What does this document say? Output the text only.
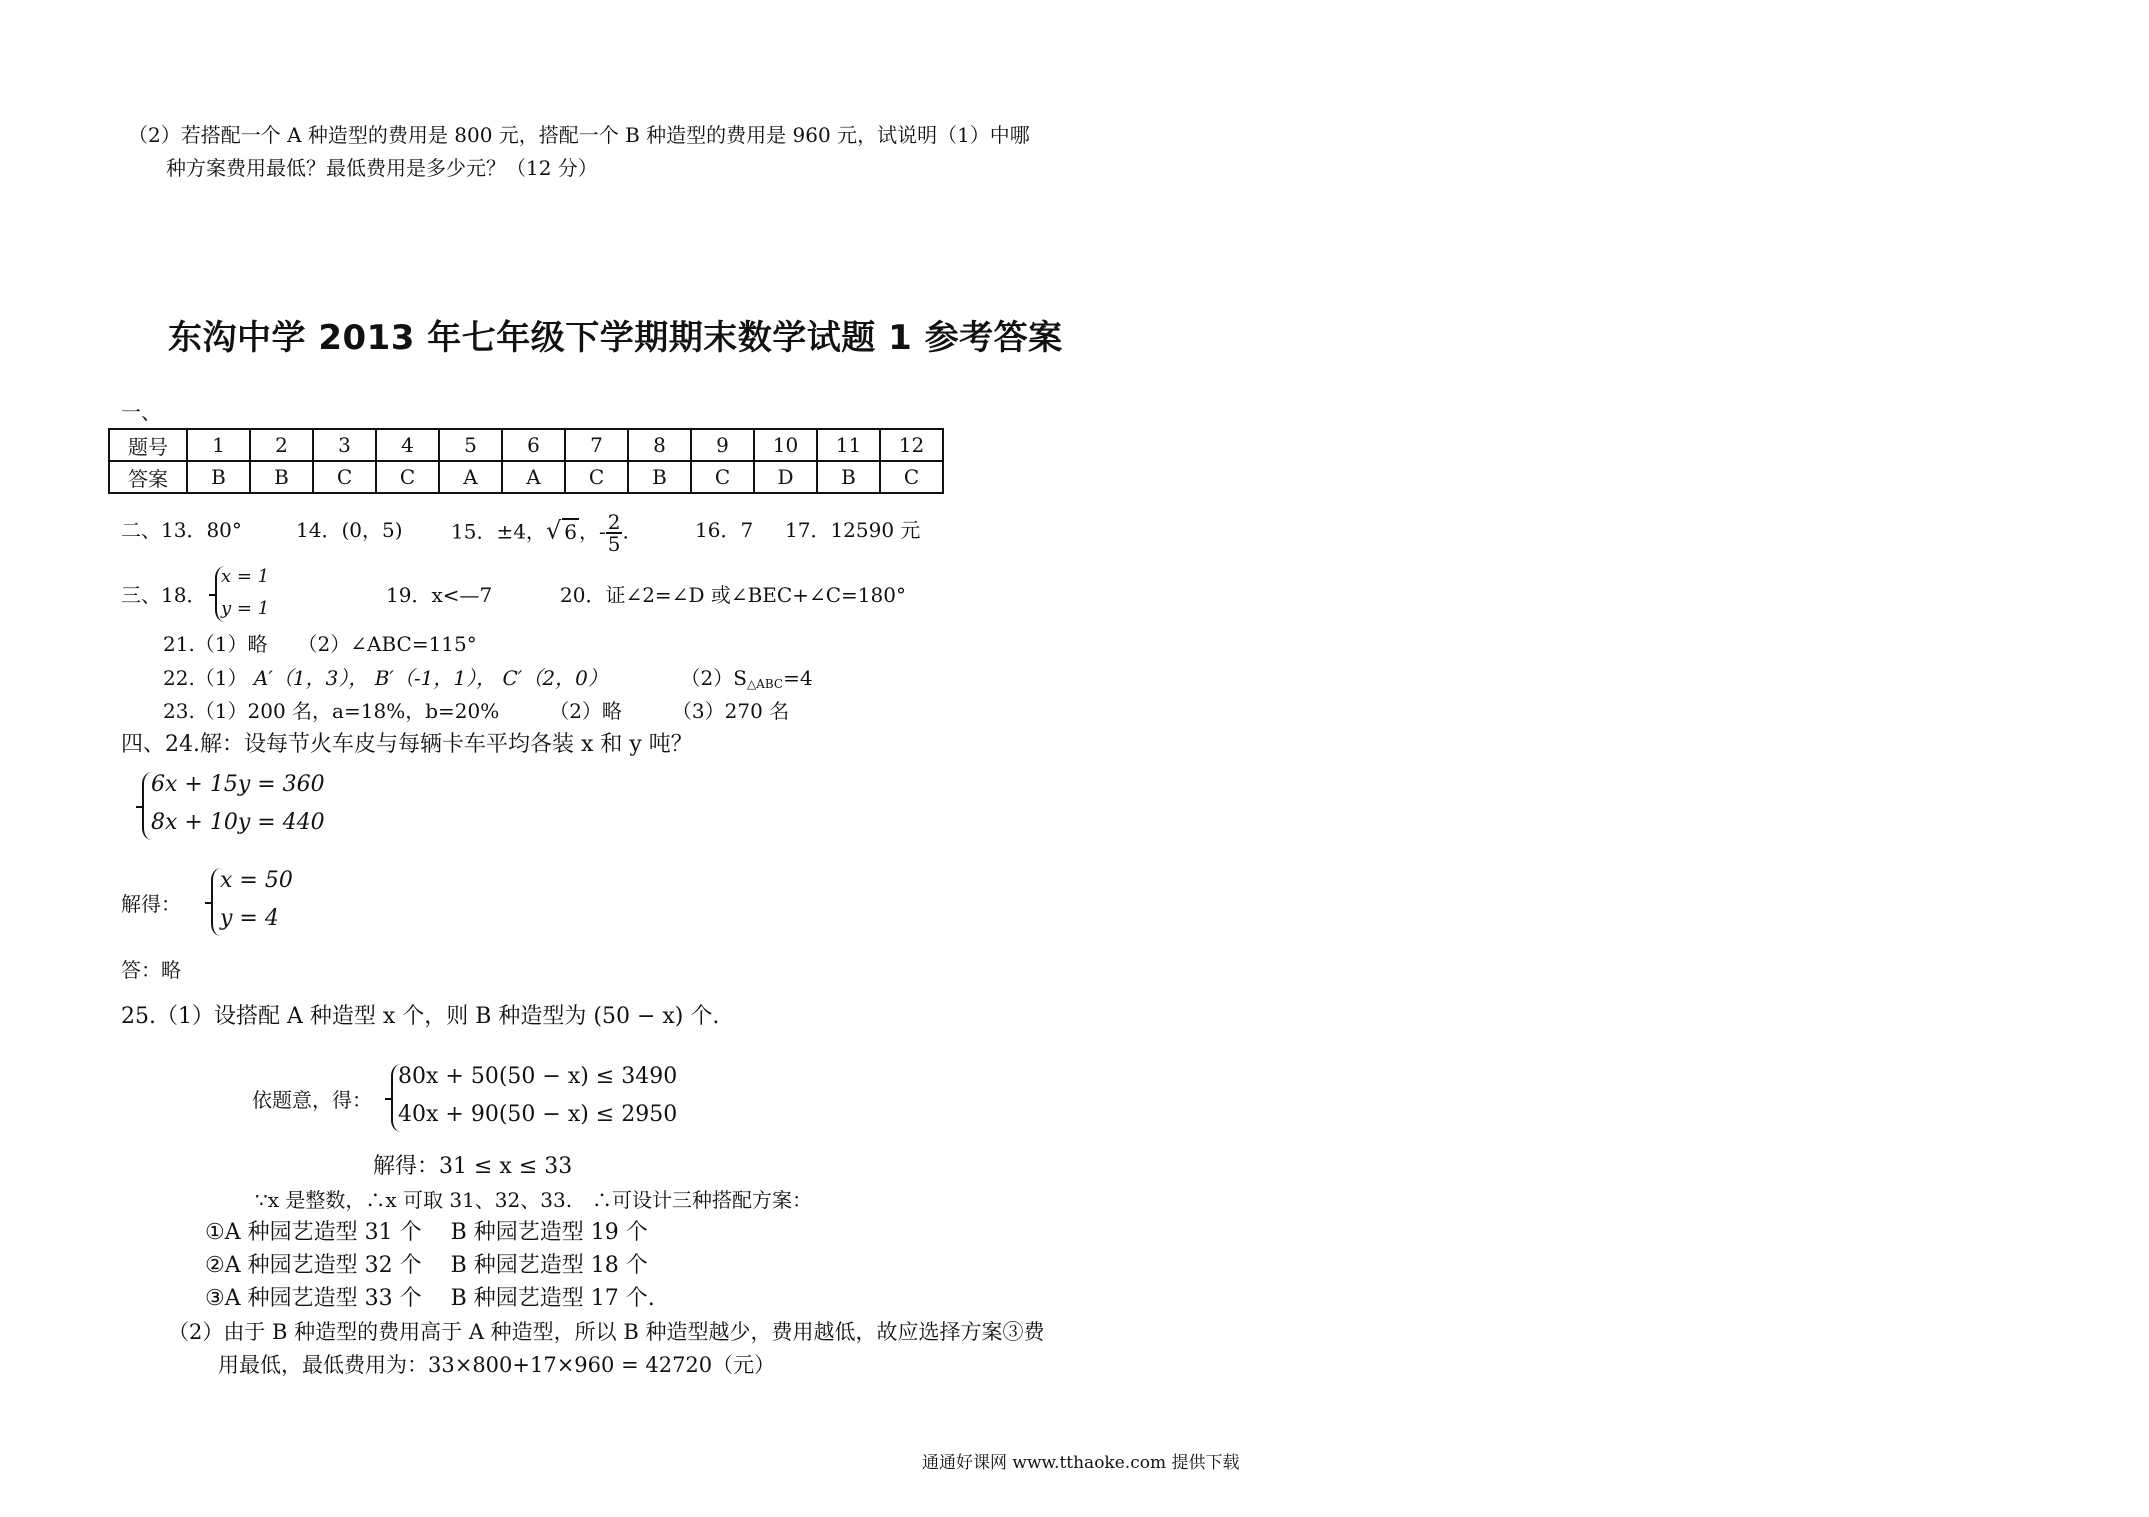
（2）若搭配一个 A 种造型的费用是 800 元，搭配一个 B 种造型的费用是 960 元，试说明（1）中哪
种方案费用最低？最低费用是多少元？（12 分）
东沟中学 2013 年七年级下学期期末数学试题 1 参考答案
一、
题号	1	2	3	4	5	6	7	8	9	10	11	12
答案	B	B	C	C	A	A	C	B	C	D	B	C
二、13．80°	14．(0，5) 15．±4，√ 6 ，- $\frac{2}{5}$ .	16．7 17．12590 元
三、18．
x = 1
y = 1
19．x<—7	20．证∠2=∠D 或∠BEC+∠C=180°
21.（1）略　　（2）∠ABC=115°
22.（1） A′（1，3）， B′（-1，1）， C′（2，0）	$(2)S_{\triangle ABC}=4$
23.（1）200 名，a=18%，b=20%　　　（2）略　　　（3）270 名
四、24.解：设每节火车皮与每辆卡车平均各装 x 和 y 吨？
6x + 15y = 360
8x + 10y = 440
解得：
x = 50
y = 4
答：略
25.（1）设搭配 A 种造型 x 个，则 B 种造型为 (50 − x) 个.
依题意，得：
80x + 50(50 − x) ≤ 3490
40x + 90(50 − x) ≤ 2950
解得：31 ≤ x ≤ 33
∵x 是整数，∴x 可取 31、32、33.　∴可设计三种搭配方案：
①A 种园艺造型 31 个　 B 种园艺造型 19 个
②A 种园艺造型 32 个　 B 种园艺造型 18 个
③A 种园艺造型 33 个　 B 种园艺造型 17 个.
（2）由于 B 种造型的费用高于 A 种造型，所以 B 种造型越少，费用越低，故应选择方案③费
用最低，最低费用为：33×800+17×960 = 42720（元）
通通好课网 www.tthaoke.com 提供下载
